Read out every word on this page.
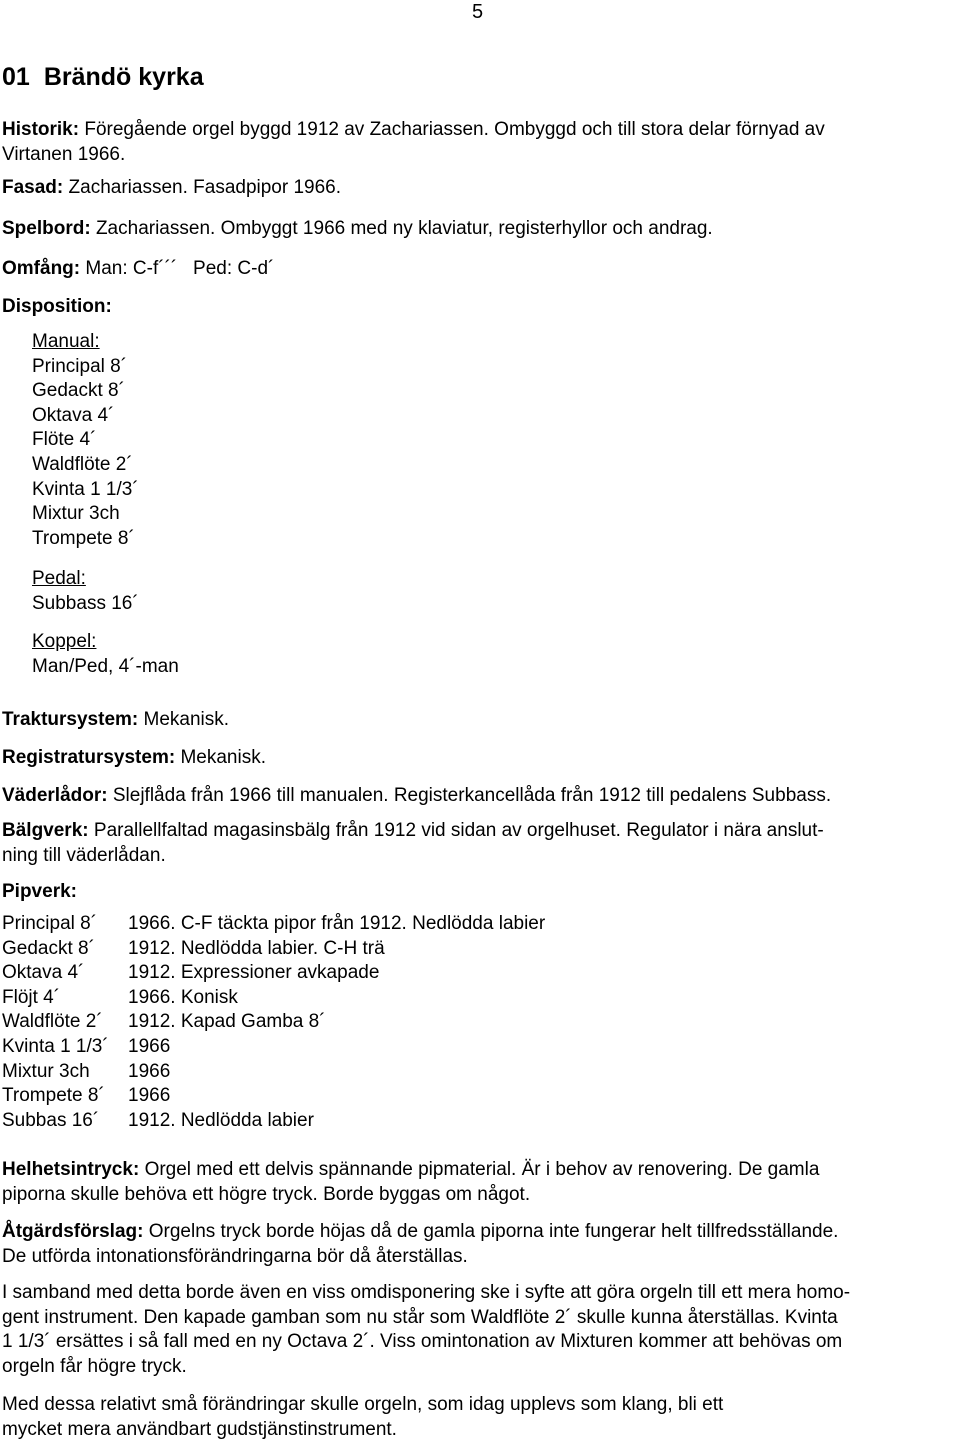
5
01 Brändö kyrka

Historik: Föregående orgel byggd 1912 av Zachariassen. Ombyggd och till stora delar förnyad av

Virtanen 1966.

Fasad: Zachariassen. Fasadpipor 1966.

Spelbord: Zachariassen. Ombyggt 1966 med ny klaviatur, registerhyllor och andrag.

Omfång: Man: C-f´´´   Ped: C-d´

Disposition:

Manual:
Principal 8´
Gedackt 8´
Oktava 4´
Flöte 4´
Waldflöte 2´
Kvinta 1 1/3´
Mixtur 3ch
Trompete 8´
Pedal:
Subbass 16´
Koppel:
Man/Ped, 4´-man

Traktursystem: Mekanisk.

Registratursystem: Mekanisk.

Väderlådor: Slejflåda från 1966 till manualen. Registerkancellåda från 1912 till pedalens Subbass.

Bälgverk: Parallellfaltad magasinsbälg från 1912 vid sidan av orgelhuset. Regulator i nära anslut-

ning till väderlådan.

Pipverk:

Principal 8´	1966. C-F täckta pipor från 1912. Nedlödda labier
Gedackt 8´	1912. Nedlödda labier. C-H trä
Oktava 4´	1912. Expressioner avkapade
Flöjt 4´	1966. Konisk
Waldflöte 2´	1912. Kapad Gamba 8´
Kvinta 1 1/3´	1966
Mixtur 3ch	1966
Trompete 8´	1966
Subbas 16´	1912. Nedlödda labier

Helhetsintryck: Orgel med ett delvis spännande pipmaterial. Är i behov av renovering. De gamla

piporna skulle behöva ett högre tryck. Borde byggas om något.

Åtgärdsförslag: Orgelns tryck borde höjas då de gamla piporna inte fungerar helt tillfredsställande.

De utförda intonationsförändringarna bör då återställas.

I samband med detta borde även en viss omdisponering ske i syfte att göra orgeln till ett mera homo-

gent instrument. Den kapade gamban som nu står som Waldflöte 2´ skulle kunna återställas. Kvinta

1 1/3´ ersättes i så fall med en ny Octava 2´. Viss omintonation av Mixturen kommer att behövas om

orgeln får högre tryck.

Med dessa relativt små förändringar skulle orgeln, som idag upplevs som klang, bli ett

mycket mera användbart gudstjänstinstrument.
